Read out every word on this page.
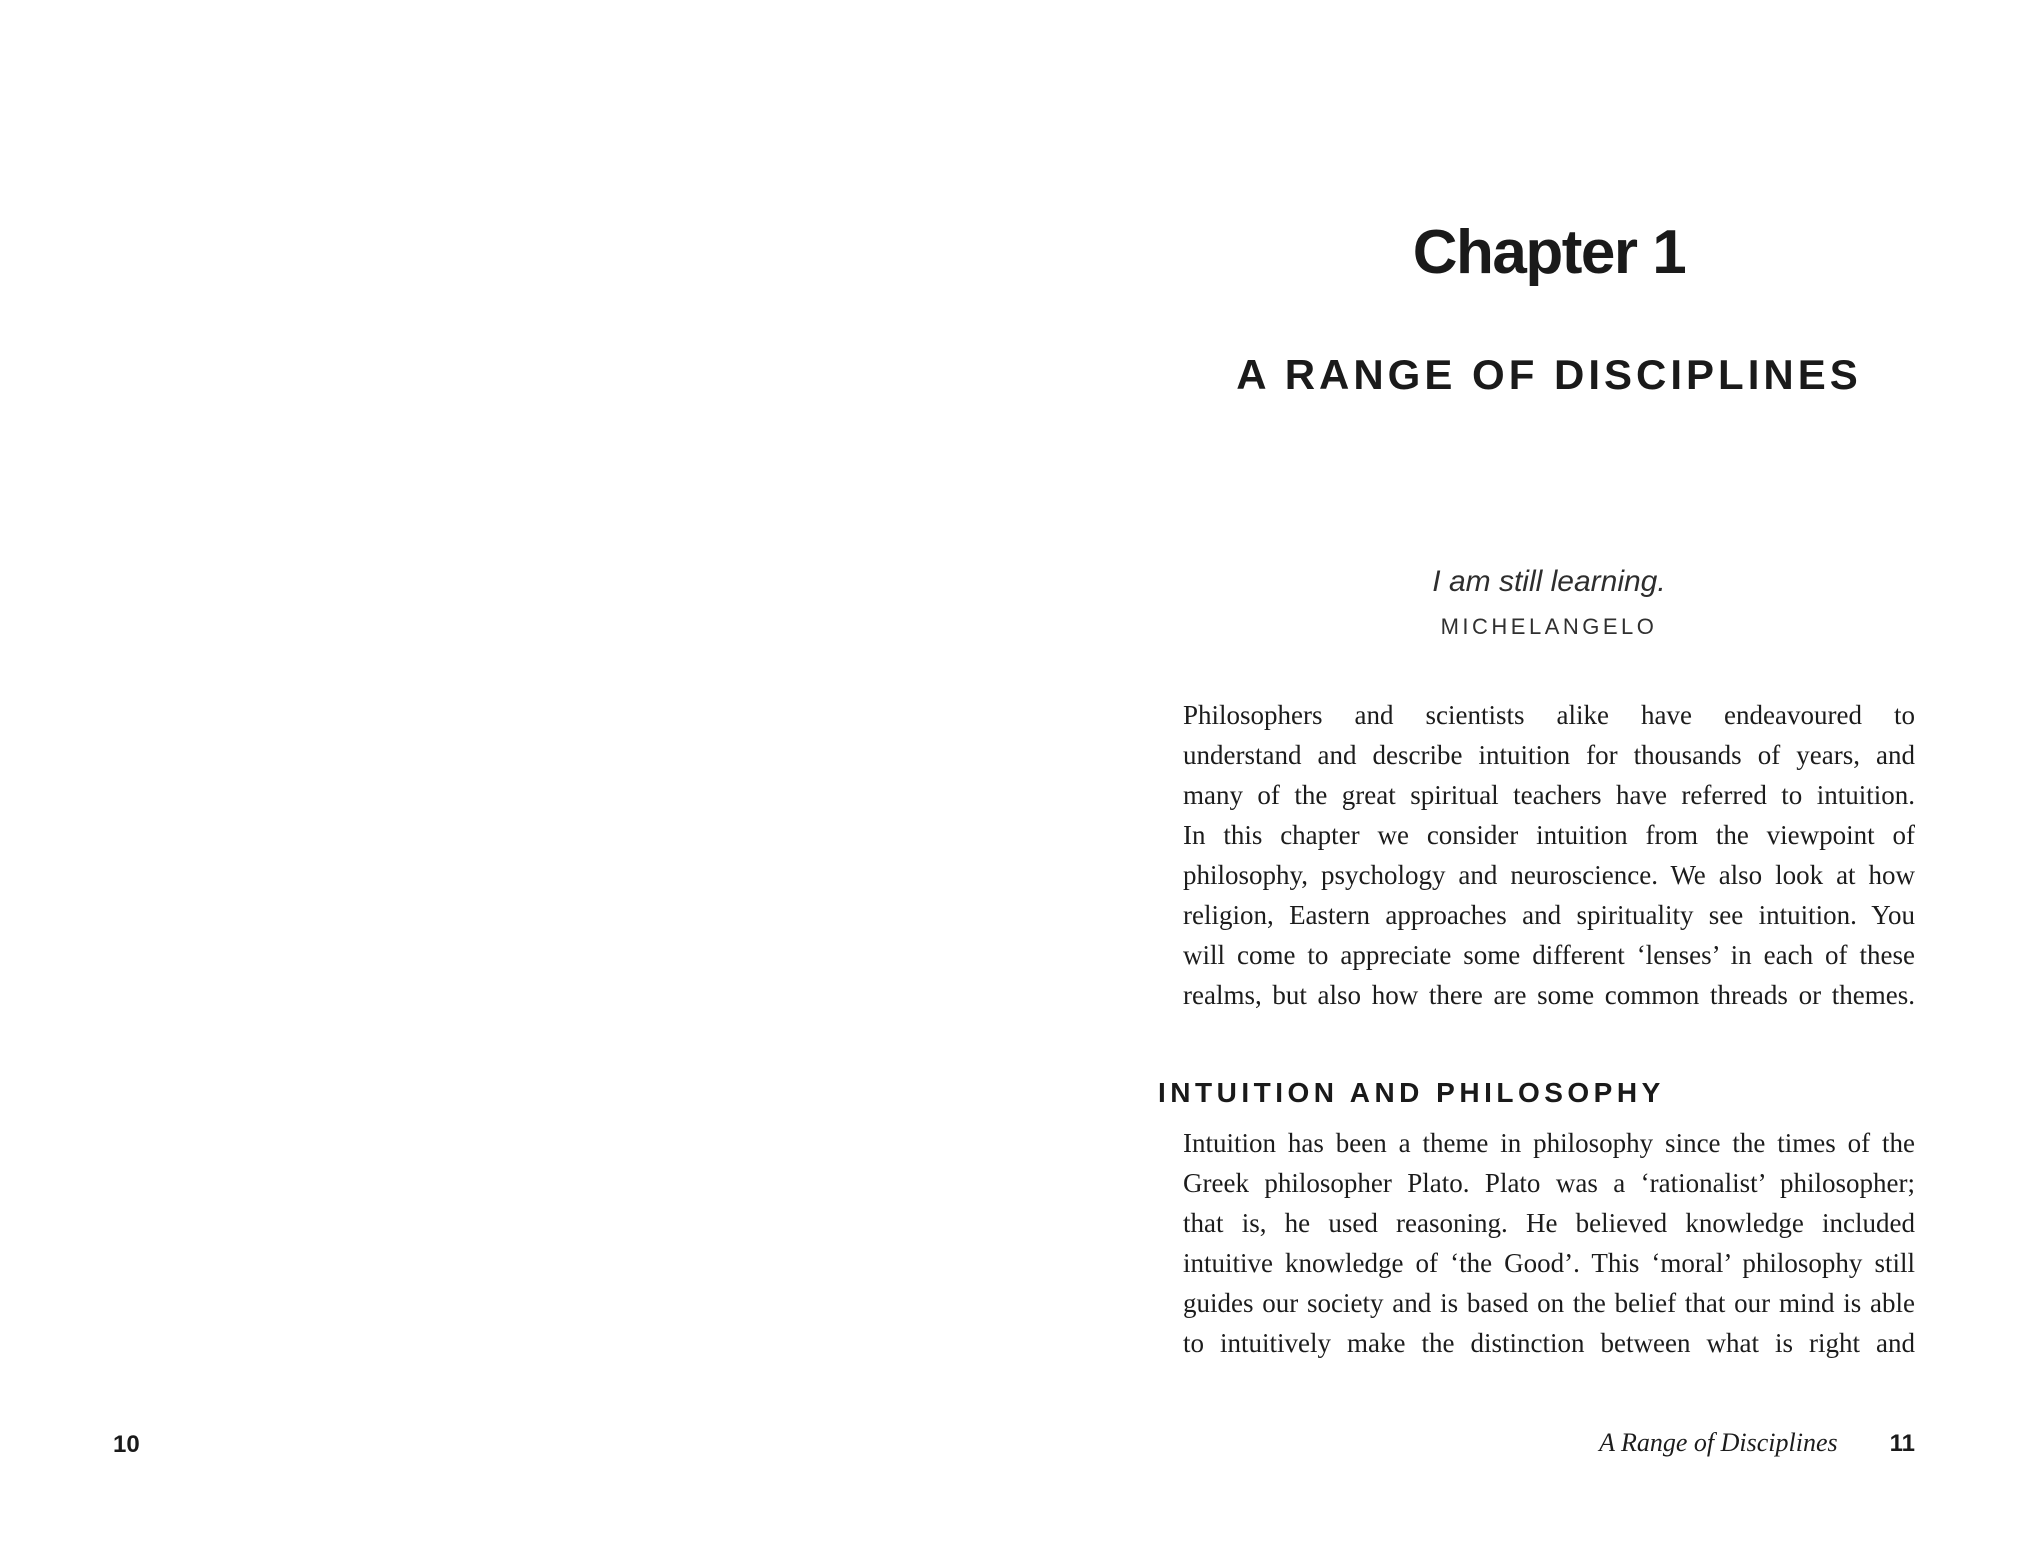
10
Chapter 1
A RANGE OF DISCIPLINES
I am still learning.
MICHELANGELO
Philosophers and scientists alike have endeavoured to
understand and describe intuition for thousands of years, and
many of the great spiritual teachers have referred to intuition.
In this chapter we consider intuition from the viewpoint of
philosophy, psychology and neuroscience. We also look at how
religion, Eastern approaches and spirituality see intuition. You
will come to appreciate some different ‘lenses’ in each of these
realms, but also how there are some common threads or themes.
INTUITION AND PHILOSOPHY
Intuition has been a theme in philosophy since the times of the
Greek philosopher Plato. Plato was a ‘rationalist’ philosopher;
that is, he used reasoning. He believed knowledge included
intuitive knowledge of ‘the Good’. This ‘moral’ philosophy still
guides our society and is based on the belief that our mind is able
to intuitively make the distinction between what is right and
A Range of Disciplines 11
